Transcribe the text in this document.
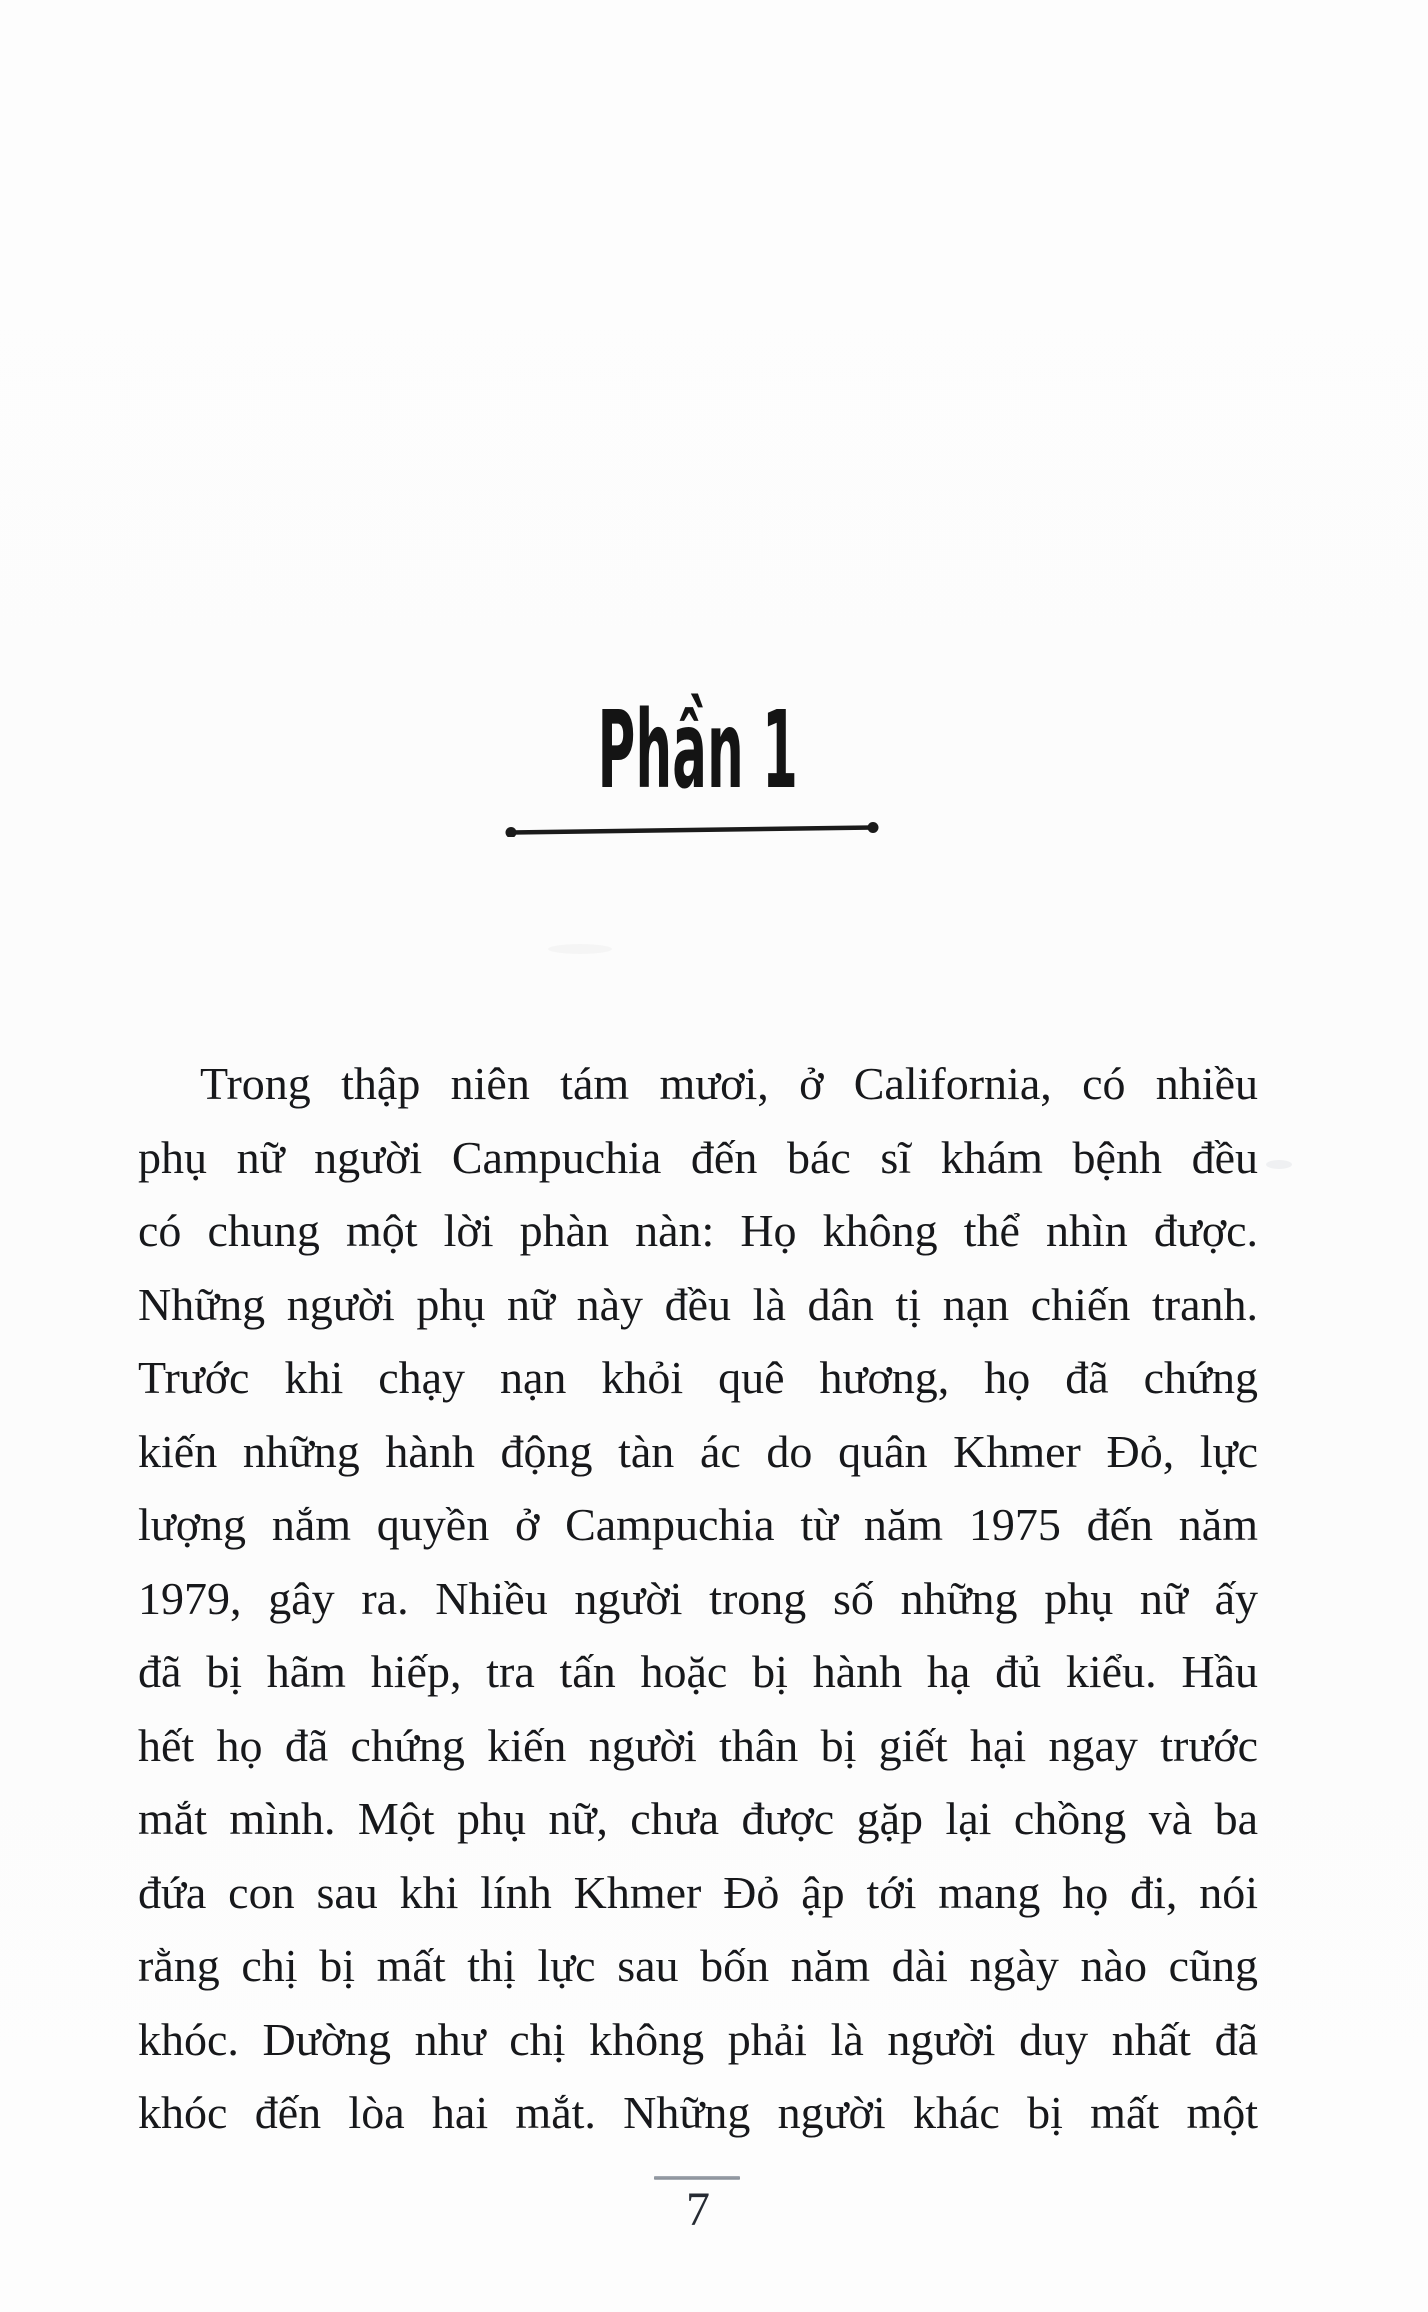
Phần 1
Trong thập niên tám mươi, ở California, có nhiều
phụ nữ người Campuchia đến bác sĩ khám bệnh đều
có chung một lời phàn nàn: Họ không thể nhìn được.
Những người phụ nữ này đều là dân tị nạn chiến tranh.
Trước khi chạy nạn khỏi quê hương, họ đã chứng
kiến những hành động tàn ác do quân Khmer Đỏ, lực
lượng nắm quyền ở Campuchia từ năm 1975 đến năm
1979, gây ra. Nhiều người trong số những phụ nữ ấy
đã bị hãm hiếp, tra tấn hoặc bị hành hạ đủ kiểu. Hầu
hết họ đã chứng kiến người thân bị giết hại ngay trước
mắt mình. Một phụ nữ, chưa được gặp lại chồng và ba
đứa con sau khi lính Khmer Đỏ ập tới mang họ đi, nói
rằng chị bị mất thị lực sau bốn năm dài ngày nào cũng
khóc. Dường như chị không phải là người duy nhất đã
khóc đến lòa hai mắt. Những người khác bị mất một
7
